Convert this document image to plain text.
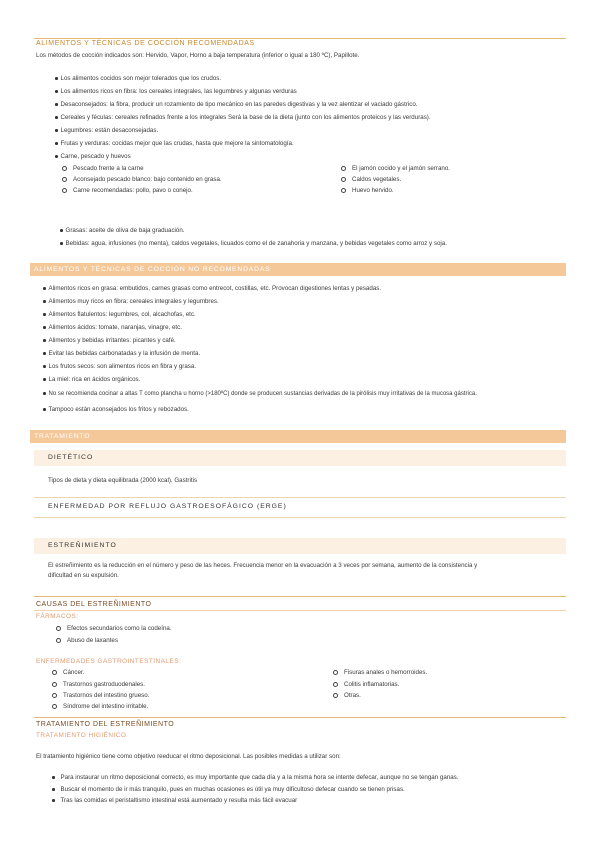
ALIMENTOS Y TÉCNICAS DE COCCIÓN RECOMENDADAS
Los métodos de cocción indicados son: Hervido, Vapor, Horno a baja temperatura (inferior o igual a 180 ºC), Papillote.
Los alimentos cocidos son mejor tolerados que los crudos.
Los alimentos ricos en fibra: los cereales integrales, las legumbres y algunas verduras
Desaconsejados: la fibra, producir un rozamiento de tipo mecánico en las paredes digestivas y la vez alentizar el vaciado gástrico.
Cereales y féculas: cereales refinados frente a los integrales Será la base de la dieta (junto con los alimentos proteicos y las verduras).
Legumbres: están desaconsejadas.
Frutas y verduras: cocidas mejor que las crudas, hasta que mejore la sintomatología.
Carne, pescado y huevos
Pescado frente a la carne
Aconsejado pescado blanco: bajo contenido en grasa.
Carne recomendadas: pollo, pavo o conejo.
El jamón cocido y el jamón serrano.
Caldos vegetales.
Huevo hervido.
Grasas: aceite de oliva de baja graduación.
Bebidas: agua, infusiones (no menta), caldos vegetales, licuados como el de zanahoria y manzana, y bebidas vegetales como arroz y soja.
ALIMENTOS Y TÉCNICAS DE COCCIÓN NO RECOMENDADAS
Alimentos ricos en grasa: embutidos, carnes grasas como entrecot, costillas, etc. Provocan digestiones lentas y pesadas.
Alimentos muy ricos en fibra: cereales integrales y legumbres.
Alimentos flatulentos: legumbres, col, alcachofas, etc.
Alimentos ácidos: tomate, naranjas, vinagre, etc.
Alimentos y bebidas irritantes: picantes y café.
Evitar las bebidas carbonatadas y la infusión de menta.
Los frutos secos: son alimentos ricos en fibra y grasa.
La miel: rica en ácidos orgánicos.
No se recomienda cocinar a altas T como plancha u horno (>180ºC) donde se producen sustancias derivadas de la pirólisis muy irritativas de la mucosa gástrica.
Tampoco están aconsejados los fritos y rebozados.
TRATAMIENTO
DIETÉTICO
Tipos de dieta y dieta equilibrada (2000 kcal). Gastritis
ENFERMEDAD POR REFLUJO GASTROESOFÁGICO (ERGE)
ESTREÑIMIENTO
El estreñimiento es la reducción en el número y peso de las heces. Frecuencia menor en la evacuación a 3 veces por semana, aumento de la consistencia y
dificultad en su expulsión.
CAUSAS DEL ESTREÑIMIENTO
FÁRMACOS:
Efectos secundarios como la codeína.
Abuso de laxantes
ENFERMEDADES GASTROINTESTINALES:
Cáncer.
Trastornos gastroduodenales.
Trastornos del intestino grueso.
Síndrome del intestino irritable.
Fisuras anales o hemorroides.
Colitis inflamatorias.
Otras.
TRATAMIENTO DEL ESTREÑIMIENTO
TRATAMIENTO HIGIÉNICO
El tratamiento higiénico tiene como objetivo reeducar el ritmo deposicional. Las posibles medidas a utilizar son:
Para instaurar un ritmo deposicional correcto, es muy importante que cada día y a la misma hora se intente defecar, aunque no se tengan ganas.
Buscar el momento de ir más tranquilo, pues en muchas ocasiones es útil ya muy dificultoso defecar cuando se tienen prisas.
Tras las comidas el peristaltismo intestinal está aumentado y resulta más fácil evacuar
